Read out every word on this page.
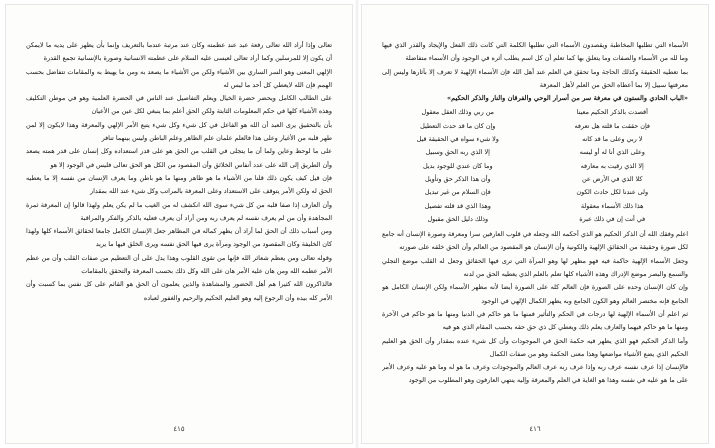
تعالى وإذا أراد الله تعالى رفعة عبد عند عظمته وكان عند مرتبة عندما بالتعريف وإنما بأن يظهر على يديه ما لايمكن أن يكون إلا للمرسلين وكما أراد تعالى لعيسى عليه السلام على عظمته الانسانية وصورة بالإنسانية تجمع القدرة

الإلهي المعنى وهو السر الساري بين الأشياء ولكن من الأشياء ما يصعد به ومن ما يهبط به والمقامات تتفاضل بحسب الهمم فإن الله لايعطي كل أحد ما ليس له

على الطالب الكامل ويحضر حضرة الخيال ويعلم التفاصيل عند الناس في الحضرة العلمية وهو في موطن التكليف وهذه الأشياء كلها في حكم المعلومات الثابتة ولكن الحق أعلم بما ينبغي لكل عين من الأعيان

بأن بالتحقيق يرى العبد أن الله هو الفاعل في كل شيء وكل شيء يتبع الأمر الإلهي والمعرفة وهذا لايكون إلا لمن طهر قلبه من الأغيار وعلى هذا فالعلم علمان علم الظاهر وعلم الباطن وليس بينهما تنافر

على ما لوحظ وعاين ولما أن ما يتجلى في القلب من الحق هو على قدر استعداده وكل إنسان على قدر همته يصعد وأن الطريق إلى الله على عدد أنفاس الخلائق وأن المقصود من الكل هو الحق تعالى فليس في الوجود إلا هو

فإن قيل كيف يكون ذلك قلنا من الأشياء ما هو ظاهر ومنها ما هو باطن وما يعرف الإنسان من نفسه إلا ما يعطيه الحق له ولكن الأمر يتوقف على الاستعداد وعلى المعرفة بالمراتب وكل شيء عند الله بمقدار

وأن العارف إذا صفا قلبه من كل شيء سوى الله انكشف له من الغيب ما لم يكن يعلم ولهذا قالوا إن المعرفة ثمرة المجاهدة وأن من لم يعرف نفسه لم يعرف ربه ومن أراد أن يعرف فعليه بالذكر والفكر والمراقبة

ومن أسباب ذلك أن الحق لما أراد أن يظهر كماله في المظاهر جعل الإنسان الكامل جامعا لحقائق الأسماء كلها ولهذا كان الخليفة وكان المقصود من الوجود ومرآة يرى فيها الحق نفسه ويرى الخلق فيها ما يريد

وقوله تعالى ومن يعظم شعائر الله فإنها من تقوى القلوب وهذا يدل على أن التعظيم من صفات القلب وأن من عظم الأمر عظمه الله ومن هان عليه الأمر هان على الله وكل ذلك بحسب المعرفة والتحقق بالمقامات

فالذاكرون الله كثيرا هم أهل الحضور والمشاهدة والذين يعلمون أن الحق هو القائم على كل نفس بما كسبت وأن الأمر كله بيده وأن الرجوع إليه وهو العليم الحكيم والرحيم والغفور لعباده

٤١٥

الأسماء التي تطلبها المخاطبة ويقصدون الأسماء التي تطلبها الكلمة التي كانت ذلك الفعل والإيجاد والقدر الذي فيها وما لله من الأسماء والصفات وما يتعلق بها كما تعلم أن كل اسم يطلب أثره في الوجود وأن الأسماء متفاضلة

بما تعطيه الحقيقة وكذلك الحاجة وما تحقق في العلم عند أهل الله فإن الأسماء الإلهية لا تعرف إلا بآثارها وليس إلى معرفتها سبيل إلا بما أعطاه الحق من العلم لأهل المعرفة

«الباب الحادي والستون في معرفة سر من أسرار الوحي والفرقان والنار والذكر الحكيم»
أقصدت بالذكر الحكيم معينا
من ربي وذلك العقل معقول
فإن حققت ما قلته هل تعرفه
وإن كان ما قد حدث التعطيل
لا ربي وعلى ما قد كانه
ولا شيء سواه في الحقيقة قيل
وعلى الذي أنا له أو ليسه
إلا الذي ربه الحق وسبيل
إلا الذي رقيت به معارفه
وما كان عندي للوجود بديل
كلا الذي في الأرض عن
وأن هذا الذكر حق وتأويل
ولى عندنا لكل حادث الكون
فإن السلام من غير تبديل
هذا ذلك الأسماء معقولة
وهذا الذي قد قلته تفصيل
في أنت إن في ذلك عبرة
وذلك دليل الحق مقبول

اعلم وفقك الله أن الذكر الحكيم هو الذي أحكمه الله وجعله في قلوب العارفين سرا ومعرفة وصورة الإنسان أنه جامع لكل صورة وحقيقة من الحقائق الإلهية والكونية وأن الإنسان هو المقصود من العالم وأن الحق خلقه على صورته

وجعل الأسماء الإلهية حاكمة فيه فهو مظهر لها وهو المرآة التي ترى فيها الحقائق وجعل له القلب موضع التجلي والسمع والبصر موضع الإدراك وهذه الأشياء كلها تعلم بالعلم الذي يعطيه الحق من لدنه

وإن كان الإنسان وحده على الصورة فإن العالم كله على الصورة أيضا لأنه مظهر الأسماء ولكن الإنسان الكامل هو الجامع فإنه مختصر العالم وهو الكون الجامع وبه يظهر الكمال الإلهي في الوجود

ثم اعلم أن الأسماء الإلهية لها درجات في الحكم والتأثير فمنها ما هو حاكم في الدنيا ومنها ما هو حاكم في الآخرة ومنها ما هو حاكم فيهما والعارف يعلم ذلك ويعطي كل ذي حق حقه بحسب المقام الذي هو فيه

وأما الذكر الحكيم فهو الذي يظهر فيه حكمة الحق في الموجودات وأن كل شيء عنده بمقدار وأن الحق هو العليم الحكيم الذي يضع الأشياء مواضعها وهذا معنى الحكمة وهو من صفات الكمال

فالإنسان إذا عرف نفسه عرف ربه وإذا عرف ربه عرف العالم والموجودات وعرف ما هو له وما هو عليه وعرف الأمر على ما هو عليه في نفسه وهذا هو الغاية في العلم والمعرفة وإليه ينتهي العارفون وهو المطلوب من الوجود

٤١٦
